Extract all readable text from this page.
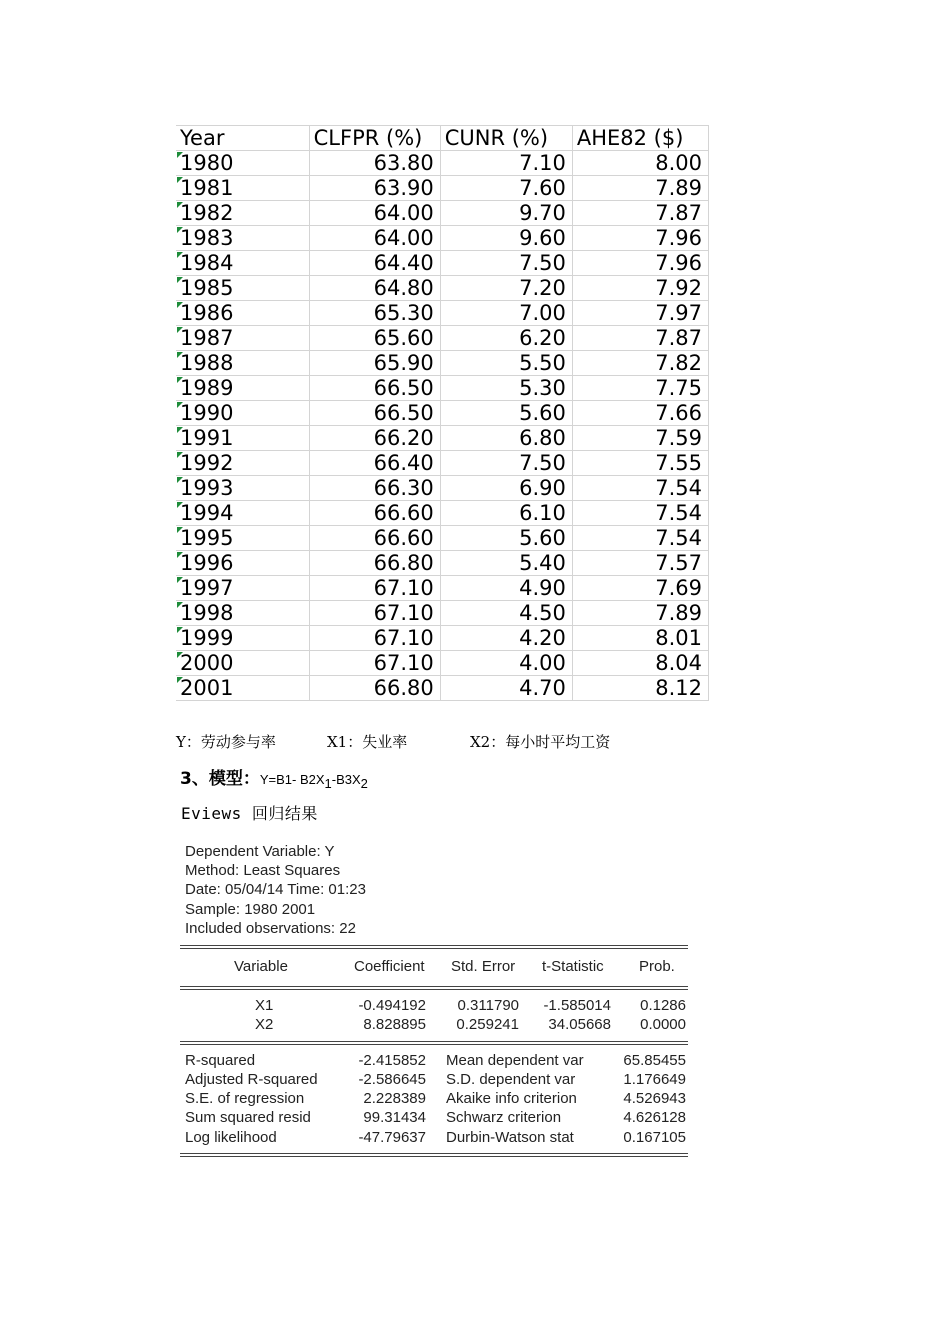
Year	CLFPR (%)	CUNR (%)	AHE82 ($)

1980	63.80	7.10	8.00

1981	63.90	7.60	7.89

1982	64.00	9.70	7.87

1983	64.00	9.60	7.96

1984	64.40	7.50	7.96

1985	64.80	7.20	7.92

1986	65.30	7.00	7.97

1987	65.60	6.20	7.87

1988	65.90	5.50	7.82

1989	66.50	5.30	7.75

1990	66.50	5.60	7.66

1991	66.20	6.80	7.59

1992	66.40	7.50	7.55

1993	66.30	6.90	7.54

1994	66.60	6.10	7.54

1995	66.60	5.60	7.54

1996	66.80	5.40	7.57

1997	67.10	4.90	7.69

1998	67.10	4.50	7.89

1999	67.10	4.20	8.01

2000	67.10	4.00	8.04

2001	66.80	4.70	8.12
Y：劳动参与率	X1：失业率	X2：每小时平均工资
3、模型：Y=B1- $B2X_1-B3X_2$
Eviews 回归结果
Dependent Variable: Y
Method: Least Squares
Date: 05/04/14 Time: 01:23
Sample: 1980 2001
Included observations: 22
Variable	Coefficient Std. Error t-Statistic Prob.
X1	-0.494192 0.311790 -1.585014 0.1286
X2	8.828895 0.259241 34.05668 0.0000
R-squared	-2.415852 Mean dependent var	65.85455
Adjusted R-squared	-2.586645 S.D. dependent var	1.176649
S.E. of regression	2.228389 Akaike info criterion	4.526943
Sum squared resid	99.31434 Schwarz criterion	4.626128
Log likelihood	-47.79637 Durbin-Watson stat	0.167105
